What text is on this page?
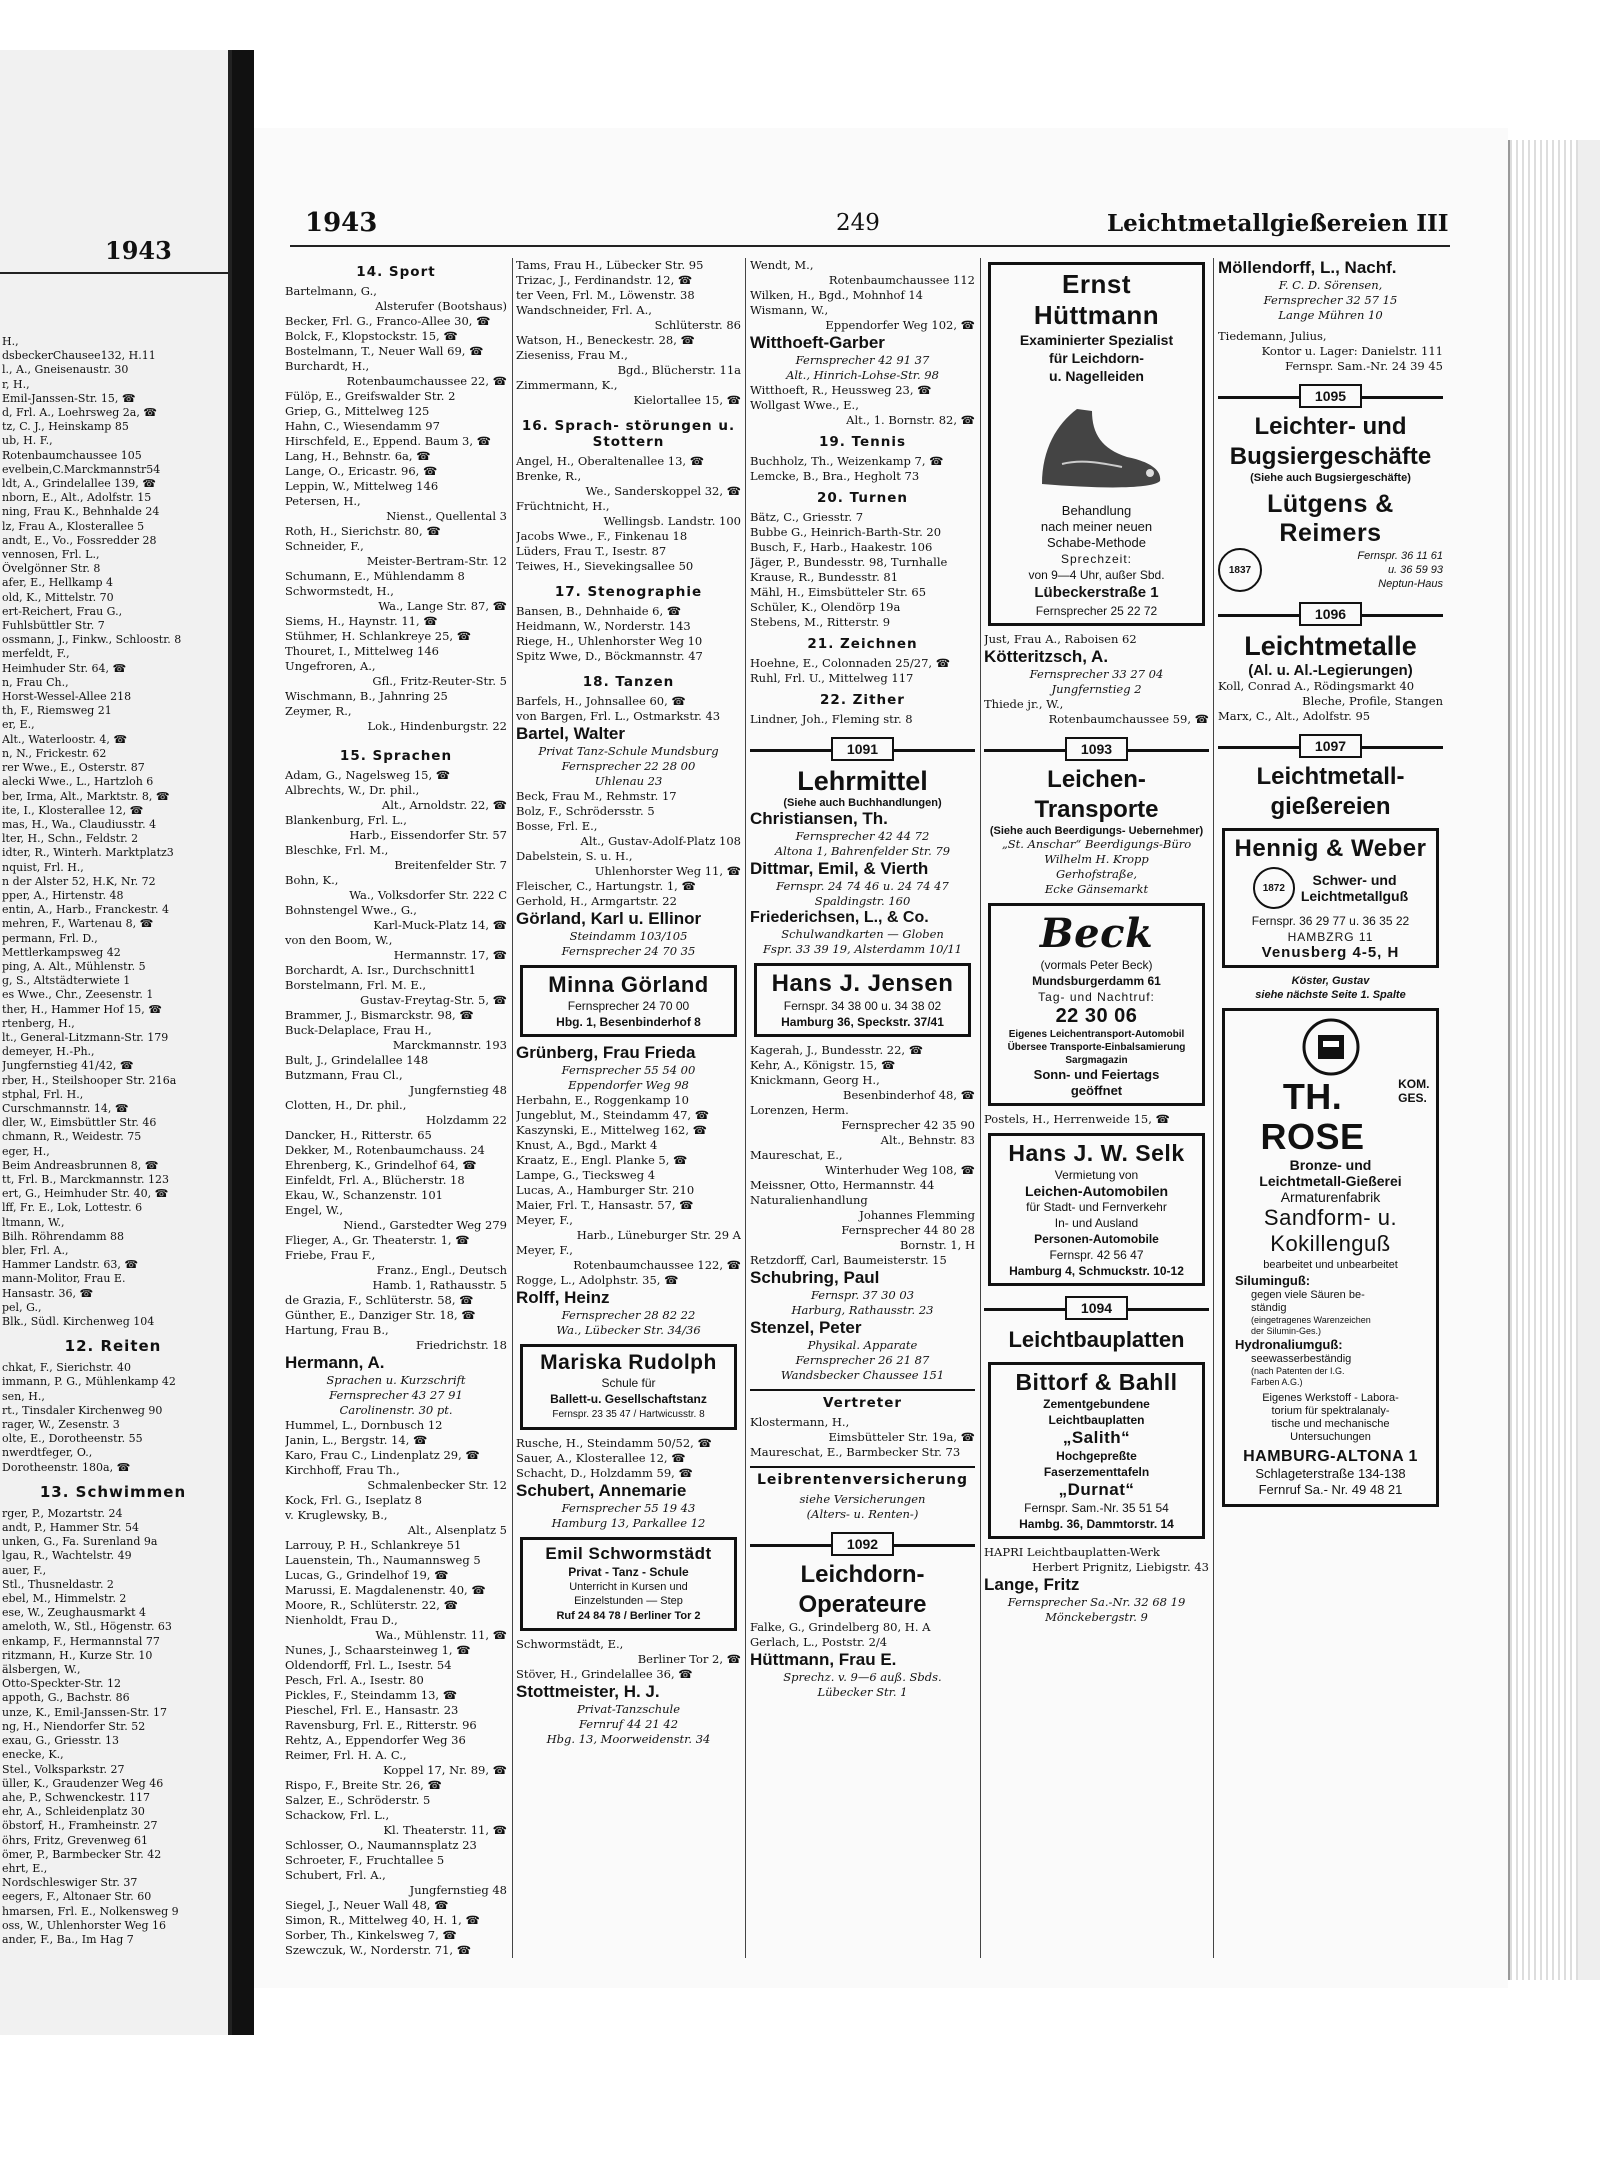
1943
H.,
dsbeckerChausee132, H.11
l., A., Gneisenaustr. 30
r, H.,
Emil-Janssen-Str. 15, ☎
d, Frl. A., Loehrsweg 2a, ☎
tz, C. J., Heinskamp 85
ub, H. F.,
Rotenbaumchaussee 105
evelbein,C.Marckmannstr54
ldt, A., Grindelallee 139, ☎
nborn, E., Alt., Adolfstr. 15
ning, Frau K., Behnhalde 24
lz, Frau A., Klosterallee 5
andt, E., Vo., Fossredder 28
vennosen, Frl. L.,
Övelgönner Str. 8
afer, E., Hellkamp 4
old, K., Mittelstr. 70
ert-Reichert, Frau G.,
Fuhlsbüttler Str. 7
ossmann, J., Finkw., Schloostr. 8
merfeldt, F.,
Heimhuder Str. 64, ☎
n, Frau Ch.,
Horst-Wessel-Allee 218
th, F., Riemsweg 21
er, E.,
Alt., Waterloostr. 4, ☎
n, N., Frickestr. 62
rer Wwe., E., Osterstr. 87
alecki Wwe., L., Hartzloh 6
ber, Irma, Alt., Marktstr. 8, ☎
ite, I., Klosterallee 12, ☎
mas, H., Wa., Claudiusstr. 4
lter, H., Schn., Feldstr. 2
idter, R., Winterh. Marktplatz3
nquist, Frl. H.,
n der Alster 52, H.K, Nr. 72
pper, A., Hirtenstr. 48
entin, A., Harb., Franckestr. 4
mehren, F., Wartenau 8, ☎
permann, Frl. D.,
Mettlerkampsweg 42
ping, A. Alt., Mühlenstr. 5
g, S., Altstädterwiete 1
es Wwe., Chr., Zeesenstr. 1
ther, H., Hammer Hof 15, ☎
rtenberg, H.,
lt., General-Litzmann-Str. 179
demeyer, H.-Ph.,
Jungfernstieg 41/42, ☎
rber, H., Steilshooper Str. 216a
stphal, Frl. H.,
Curschmannstr. 14, ☎
dler, W., Eimsbüttler Str. 46
chmann, R., Weidestr. 75
eger, H.,
Beim Andreasbrunnen 8, ☎
tt, Frl. B., Marckmannstr. 123
ert, G., Heimhuder Str. 40, ☎
lff, Fr. E., Lok, Lottestr. 6
ltmann, W.,
Bilh. Röhrendamm 88
bler, Frl. A.,
Hammer Landstr. 63, ☎
mann-Molitor, Frau E.
Hansastr. 36, ☎
pel, G.,
Blk., Südl. Kirchenweg 104
12. Reiten
chkat, F., Sierichstr. 40
immann, P. G., Mühlenkamp 42
sen, H.,
rt., Tinsdaler Kirchenweg 90
rager, W., Zesenstr. 3
olte, E., Dorotheenstr. 55
nwerdtfeger, O.,
Dorotheenstr. 180a, ☎
13. Schwimmen
rger, P., Mozartstr. 24
andt, P., Hammer Str. 54
unken, G., Fa. Surenland 9a
lgau, R., Wachtelstr. 49
auer, F.,
Stl., Thusneldastr. 2
ebel, M., Himmelstr. 2
ese, W., Zeughausmarkt 4
ameloth, W., Stl., Högenstr. 63
enkamp, F., Hermannstal 77
ritzmann, H., Kurze Str. 10
älsbergen, W.,
Otto-Speckter-Str. 12
appoth, G., Bachstr. 86
unze, K., Emil-Janssen-Str. 17
ng, H., Niendorfer Str. 52
exau, G., Griesstr. 13
enecke, K.,
Stel., Volksparkstr. 27
üller, K., Graudenzer Weg 46
ahe, P., Schwenckestr. 117
ehr, A., Schleidenplatz 30
öbstorf, H., Framheinstr. 27
öhrs, Fritz, Grevenweg 61
ömer, P., Barmbecker Str. 42
ehrt, E.,
Nordschleswiger Str. 37
eegers, F., Altonaer Str. 60
hmarsen, Frl. E., Nolkensweg 9
oss, W., Uhlenhorster Weg 16
ander, F., Ba., Im Hag 7
1943	249	Leichtmetallgießereien III
14. Sport
Bartelmann, G.,
Alsterufer (Bootshaus)
Becker, Frl. G., Franco-Allee 30, ☎
Bolck, F., Klopstockstr. 15, ☎
Bostelmann, T., Neuer Wall 69, ☎
Burchardt, H.,
Rotenbaumchaussee 22, ☎
Fülöp, E., Greifswalder Str. 2
Griep, G., Mittelweg 125
Hahn, C., Wiesendamm 97
Hirschfeld, E., Eppend. Baum 3, ☎
Lang, H., Behnstr. 6a, ☎
Lange, O., Ericastr. 96, ☎
Leppin, W., Mittelweg 146
Petersen, H.,
Nienst., Quellental 3
Roth, H., Sierichstr. 80, ☎
Schneider, F.,
Meister-Bertram-Str. 12
Schumann, E., Mühlendamm 8
Schwormstedt, H.,
Wa., Lange Str. 87, ☎
Siems, H., Haynstr. 11, ☎
Stühmer, H. Schlankreye 25, ☎
Thouret, I., Mittelweg 146
Ungefroren, A.,
Gfl., Fritz-Reuter-Str. 5
Wischmann, B., Jahnring 25
Zeymer, R.,
Lok., Hindenburgstr. 22
15. Sprachen
Adam, G., Nagelsweg 15, ☎
Albrechts, W., Dr. phil.,
Alt., Arnoldstr. 22, ☎
Blankenburg, Frl. L.,
Harb., Eissendorfer Str. 57
Bleschke, Frl. M.,
Breitenfelder Str. 7
Bohn, K.,
Wa., Volksdorfer Str. 222 C
Bohnstengel Wwe., G.,
Karl-Muck-Platz 14, ☎
von den Boom, W.,
Hermannstr. 17, ☎
Borchardt, A. Isr., Durchschnitt1
Borstelmann, Frl. M. E.,
Gustav-Freytag-Str. 5, ☎
Brammer, J., Bismarckstr. 98, ☎
Buck-Delaplace, Frau H.,
Marckmannstr. 193
Bult, J., Grindelallee 148
Butzmann, Frau Cl.,
Jungfernstieg 48
Clotten, H., Dr. phil.,
Holzdamm 22
Dancker, H., Ritterstr. 65
Dekker, M., Rotenbaumchauss. 24
Ehrenberg, K., Grindelhof 64, ☎
Einfeldt, Frl. A., Blücherstr. 18
Ekau, W., Schanzenstr. 101
Engel, W.,
Niend., Garstedter Weg 279
Flieger, A., Gr. Theaterstr. 1, ☎
Friebe, Frau F.,
Franz., Engl., Deutsch
Hamb. 1, Rathausstr. 5
de Grazia, F., Schlüterstr. 58, ☎
Günther, E., Danziger Str. 18, ☎
Hartung, Frau B.,
Friedrichstr. 18
Hermann, A.
Sprachen u. Kurzschrift
Fernsprecher 43 27 91
Carolinenstr. 30 pt.
Hummel, L., Dornbusch 12
Janin, L., Bergstr. 14, ☎
Karo, Frau C., Lindenplatz 29, ☎
Kirchhoff, Frau Th.,
Schmalenbecker Str. 12
Kock, Frl. G., Iseplatz 8
v. Kruglewsky, B.,
Alt., Alsenplatz 5
Larrouy, P. H., Schlankreye 51
Lauenstein, Th., Naumannsweg 5
Lucas, G., Grindelhof 19, ☎
Marussi, E. Magdalenenstr. 40, ☎
Moore, R., Schlüterstr. 22, ☎
Nienholdt, Frau D.,
Wa., Mühlenstr. 11, ☎
Nunes, J., Schaarsteinweg 1, ☎
Oldendorff, Frl. L., Isestr. 54
Pesch, Frl. A., Isestr. 80
Pickles, F., Steindamm 13, ☎
Pieschel, Frl. E., Hansastr. 23
Ravensburg, Frl. E., Ritterstr. 96
Rehtz, A., Eppendorfer Weg 36
Reimer, Frl. H. A. C.,
Koppel 17, Nr. 89, ☎
Rispo, F., Breite Str. 26, ☎
Salzer, E., Schröderstr. 5
Schackow, Frl. L.,
Kl. Theaterstr. 11, ☎
Schlosser, O., Naumannsplatz 23
Schroeter, F., Fruchtallee 5
Schubert, Frl. A.,
Jungfernstieg 48
Siegel, J., Neuer Wall 48, ☎
Simon, R., Mittelweg 40, H. 1, ☎
Sorber, Th., Kinkelsweg 7, ☎
Szewczuk, W., Norderstr. 71, ☎
Tams, Frau H., Lübecker Str. 95
Trizac, J., Ferdinandstr. 12, ☎
ter Veen, Frl. M., Löwenstr. 38
Wandschneider, Frl. A.,
Schlüterstr. 86
Watson, H., Beneckestr. 28, ☎
Zieseniss, Frau M.,
Bgd., Blücherstr. 11a
Zimmermann, K.,
Kielortallee 15, ☎
16. Sprach- störungen u. Stottern
Angel, H., Oberaltenallee 13, ☎
Brenke, R.,
We., Sanderskoppel 32, ☎
Früchtnicht, H.,
Wellingsb. Landstr. 100
Jacobs Wwe., F., Finkenau 18
Lüders, Frau T., Isestr. 87
Teiwes, H., Sievekingsallee 50
17. Stenographie
Bansen, B., Dehnhaide 6, ☎
Heidmann, W., Norderstr. 143
Riege, H., Uhlenhorster Weg 10
Spitz Wwe, D., Böckmannstr. 47
18. Tanzen
Barfels, H., Johnsallee 60, ☎
von Bargen, Frl. L., Ostmarkstr. 43
Bartel, Walter
Privat Tanz-Schule Mundsburg
Fernsprecher 22 28 00
Uhlenau 23
Beck, Frau M., Rehmstr. 17
Bolz, F., Schrödersstr. 5
Bosse, Frl. E.,
Alt., Gustav-Adolf-Platz 108
Dabelstein, S. u. H.,
Uhlenhorster Weg 11, ☎
Fleischer, C., Hartungstr. 1, ☎
Gerhold, H., Armgartstr. 22
Görland, Karl u. Ellinor
Steindamm 103/105
Fernsprecher 24 70 35
Minna Görland
Fernsprecher 24 70 00
Hbg. 1, Besenbinderhof 8
Grünberg, Frau Frieda
Fernsprecher 55 54 00
Eppendorfer Weg 98
Herbahn, E., Roggenkamp 10
Jungeblut, M., Steindamm 47, ☎
Kaszynski, E., Mittelweg 162, ☎
Knust, A., Bgd., Markt 4
Kraatz, E., Engl. Planke 5, ☎
Lampe, G., Tiecksweg 4
Lucas, A., Hamburger Str. 210
Maier, Frl. T., Hansastr. 57, ☎
Meyer, F.,
Harb., Lüneburger Str. 29 A
Meyer, F.,
Rotenbaumchaussee 122, ☎
Rogge, L., Adolphstr. 35, ☎
Rolff, Heinz
Fernsprecher 28 82 22
Wa., Lübecker Str. 34/36
Mariska Rudolph
Schule für
Ballett-u. Gesellschaftstanz
Fernspr. 23 35 47 / Hartwicusstr. 8
Rusche, H., Steindamm 50/52, ☎
Sauer, A., Klosterallee 12, ☎
Schacht, D., Holzdamm 59, ☎
Schubert, Annemarie
Fernsprecher 55 19 43
Hamburg 13, Parkallee 12
Emil Schwormstädt
Privat - Tanz - Schule
Unterricht in Kursen und
Einzelstunden — Step
Ruf 24 84 78 / Berliner Tor 2
Schwormstädt, E.,
Berliner Tor 2, ☎
Stöver, H., Grindelallee 36, ☎
Stottmeister, H. J.
Privat-Tanzschule
Fernruf 44 21 42
Hbg. 13, Moorweidenstr. 34
Wendt, M.,
Rotenbaumchaussee 112
Wilken, H., Bgd., Mohnhof 14
Wismann, W.,
Eppendorfer Weg 102, ☎
Witthoeft-Garber
Fernsprecher 42 91 37
Alt., Hinrich-Lohse-Str. 98
Witthoeft, R., Heussweg 23, ☎
Wollgast Wwe., E.,
Alt., 1. Bornstr. 82, ☎
19. Tennis
Buchholz, Th., Weizenkamp 7, ☎
Lemcke, B., Bra., Hegholt 73
20. Turnen
Bätz, C., Griesstr. 7
Bubbe G., Heinrich-Barth-Str. 20
Busch, F., Harb., Haakestr. 106
Jäger, P., Bundesstr. 98, Turnhalle
Krause, R., Bundesstr. 81
Mähl, H., Eimsbütteler Str. 65
Schüler, K., Olendörp 19a
Stebens, M., Ritterstr. 9
21. Zeichnen
Hoehne, E., Colonnaden 25/27, ☎
Ruhl, Frl. U., Mittelweg 117
22. Zither
Lindner, Joh., Fleming str. 8
1091
Lehrmittel
(Siehe auch Buchhandlungen)
Christiansen, Th.
Fernsprecher 42 44 72
Altona 1, Bahrenfelder Str. 79
Dittmar, Emil, & Vierth
Fernspr. 24 74 46 u. 24 74 47
Spaldingstr. 160
Friederichsen, L., & Co.
Schulwandkarten — Globen
Fspr. 33 39 19, Alsterdamm 10/11
Hans J. Jensen
Fernspr. 34 38 00 u. 34 38 02
Hamburg 36, Speckstr. 37/41
Kagerah, J., Bundesstr. 22, ☎
Kehr, A., Königstr. 15, ☎
Knickmann, Georg H.,
Besenbinderhof 48, ☎
Lorenzen, Herm.
Fernsprecher 42 35 90
Alt., Behnstr. 83
Maureschat, E.,
Winterhuder Weg 108, ☎
Meissner, Otto, Hermannstr. 44
Naturalienhandlung
Johannes Flemming
Fernsprecher 44 80 28
Bornstr. 1, H
Retzdorff, Carl, Baumeisterstr. 15
Schubring, Paul
Fernspr. 37 30 03
Harburg, Rathausstr. 23
Stenzel, Peter
Physikal. Apparate
Fernsprecher 26 21 87
Wandsbecker Chaussee 151
Vertreter
Klostermann, H.,
Eimsbütteler Str. 19a, ☎
Maureschat, E., Barmbecker Str. 73
Leibrentenversicherung
siehe Versicherungen
(Alters- u. Renten-)
1092
Leichdorn- Operateure
Falke, G., Grindelberg 80, H. A
Gerlach, L., Poststr. 2/4
Hüttmann, Frau E.
Sprechz. v. 9—6 auß. Sbds.
Lübecker Str. 1
Ernst Hüttmann
Examinierter Spezialist
für Leichdorn-
u. Nagelleiden
Behandlung
nach meiner neuen
Schabe-Methode
Sprechzeit:
von 9—4 Uhr, außer Sbd.
Lübeckerstraße 1
Fernsprecher 25 22 72
Just, Frau A., Raboisen 62
Kötteritzsch, A.
Fernsprecher 33 27 04
Jungfernstieg 2
Thiede jr., W.,
Rotenbaumchaussee 59, ☎
1093
Leichen- Transporte
(Siehe auch Beerdigungs- Uebernehmer)
„St. Anschar“ Beerdigungs-Büro
Wilhelm H. Kropp
Gerhofstraße,
Ecke Gänsemarkt
Beck
(vormals Peter Beck)
Mundsburgerdamm 61
Tag- und Nachtruf:
22 30 06
Eigenes Leichentransport-Automobil
Übersee Transporte-Einbalsamierung
Sargmagazin
Sonn- und Feiertags
geöffnet
Postels, H., Herrenweide 15, ☎
Hans J. W. Selk
Vermietung von
Leichen-Automobilen
für Stadt- und Fernverkehr
In- und Ausland
Personen-Automobile
Fernspr. 42 56 47
Hamburg 4, Schmuckstr. 10-12
1094
Leichtbauplatten
Bittorf & Bahll
Zementgebundene
Leichtbauplatten
„Salith“
Hochgepreßte
Faserzementtafeln
„Durnat“
Fernspr. Sam.-Nr. 35 51 54
Hambg. 36, Dammtorstr. 14
HAPRI Leichtbauplatten-Werk
Herbert Prignitz, Liebigstr. 43
Lange, Fritz
Fernsprecher Sa.-Nr. 32 68 19
Mönckebergstr. 9
Möllendorff, L., Nachf.
F. C. D. Sörensen,
Fernsprecher 32 57 15
Lange Mühren 10
Tiedemann, Julius,
Kontor u. Lager: Danielstr. 111
Fernspr. Sam.-Nr. 24 39 45
1095
Leichter- und Bugsiergeschäfte
(Siehe auch Bugsiergeschäfte)
Lütgens & Reimers
1837
Fernspr. 36 11 61
u. 36 59 93
Neptun-Haus
1096
Leichtmetalle
(Al. u. Al.-Legierungen)
Koll, Conrad A., Rödingsmarkt 40
Bleche, Profile, Stangen
Marx, C., Alt., Adolfstr. 95
1097
Leichtmetall- gießereien
Hennig & Weber
1872	Schwer- und
Leichtmetallguß
Fernspr. 36 29 77 u. 36 35 22
HAMBZRG 11
Venusberg 4-5, H
Köster, Gustav
siehe nächste Seite 1. Spalte
TH. ROSE
KOM. GES.
Bronze- und
Leichtmetall-Gießerei
Armaturenfabrik
Sandform- u.
Kokillenguß
bearbeitet und unbearbeitet
Siluminguß:
gegen viele Säuren be-
ständig
(eingetragenes Warenzeichen
der Silumin-Ges.)
Hydronaliumguß:
seewasserbeständig
(nach Patenten der I.G.
Farben A.G.)
Eigenes Werkstoff - Labora-
torium für spektralanaly-
tische und mechanische
Untersuchungen
HAMBURG-ALTONA 1
Schlageterstraße 134-138
Fernruf Sa.- Nr. 49 48 21
